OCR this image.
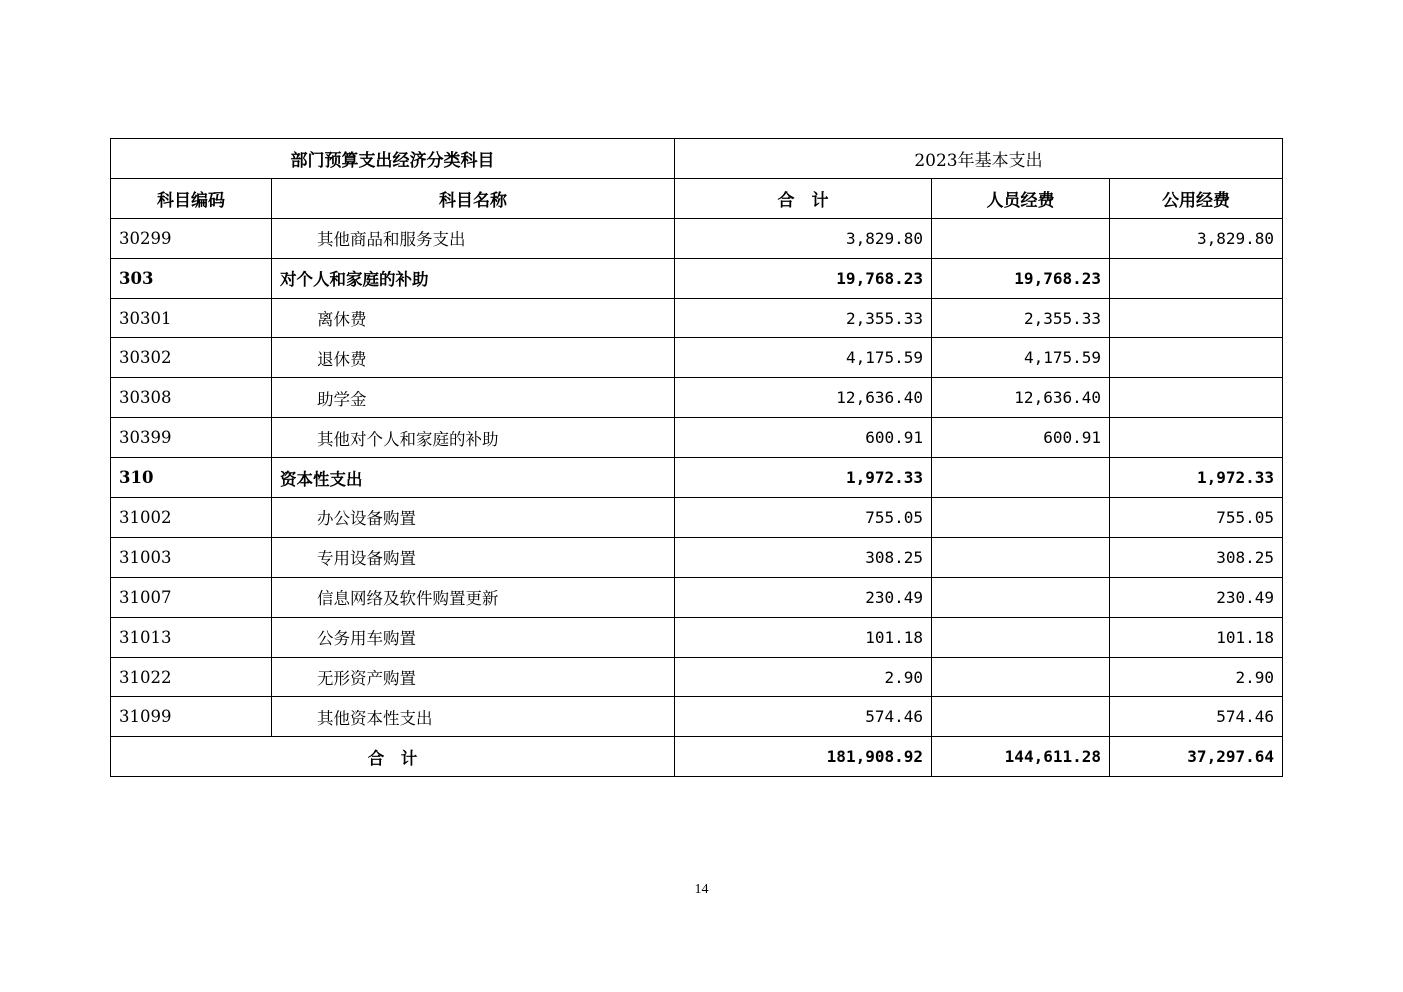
部门预算支出经济分类科目		2023年基本支出		
科目编码	科目名称	合　计	人员经费	公用经费
30299	其他商品和服务支出	3,829.80		3,829.80
303	对个人和家庭的补助	19,768.23	19,768.23	
30301	离休费	2,355.33	2,355.33	
30302	退休费	4,175.59	4,175.59	
30308	助学金	12,636.40	12,636.40	
30399	其他对个人和家庭的补助	600.91	600.91	
310	资本性支出	1,972.33		1,972.33
31002	办公设备购置	755.05		755.05
31003	专用设备购置	308.25		308.25
31007	信息网络及软件购置更新	230.49		230.49
31013	公务用车购置	101.18		101.18
31022	无形资产购置	2.90		2.90
31099	其他资本性支出	574.46		574.46
合　计		181,908.92	144,611.28	37,297.64
14
